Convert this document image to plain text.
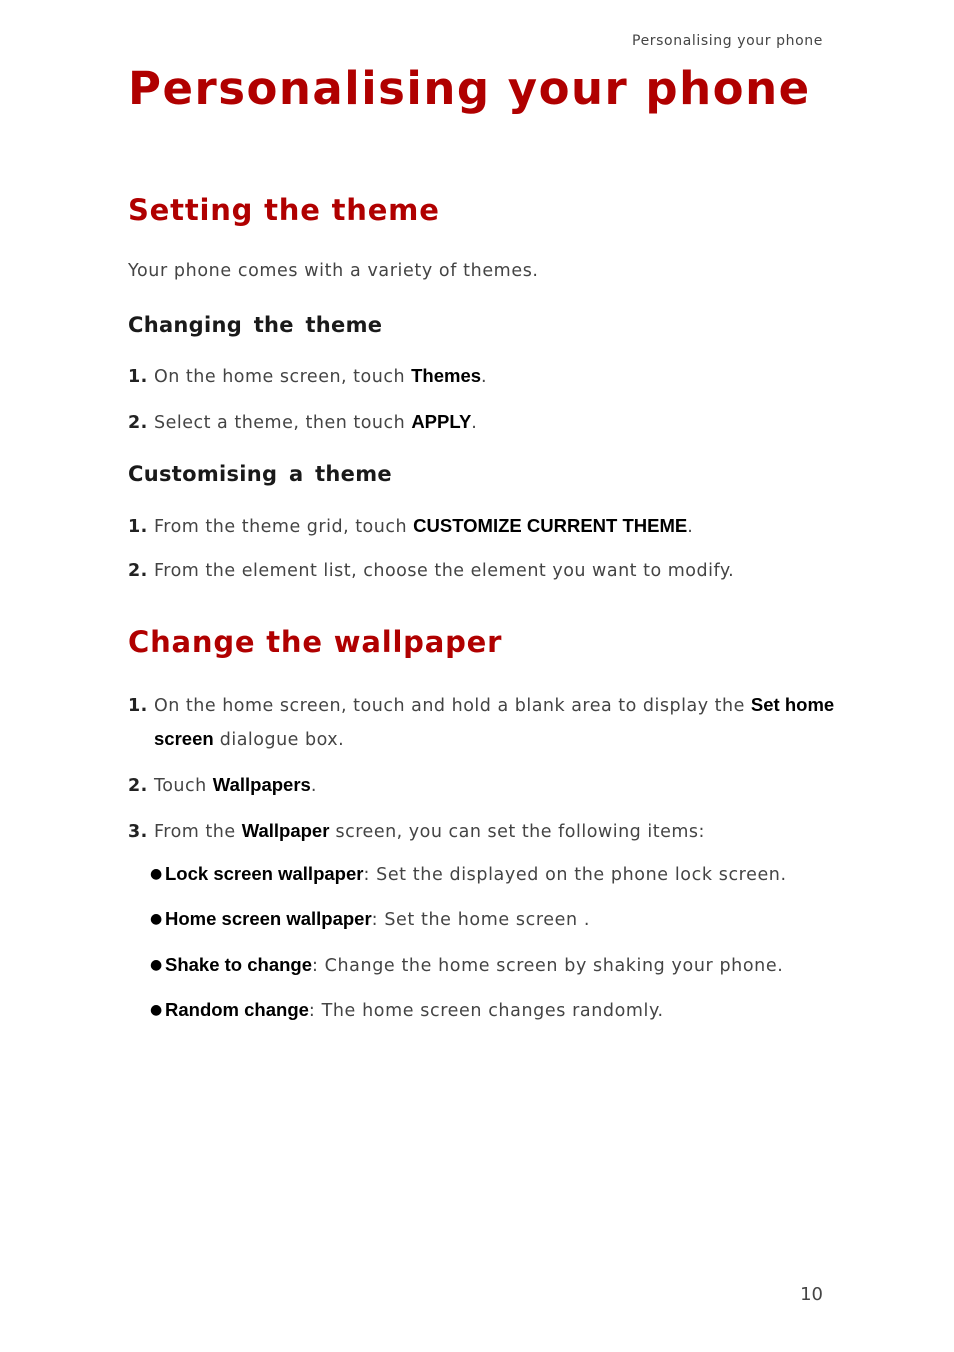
Personalising your phone
Personalising your phone
Setting the theme
Your phone comes with a variety of themes.
Changing the theme
1. On the home screen, touch Themes.
2. Select a theme, then touch APPLY.
Customising a theme
1. From the theme grid, touch CUSTOMIZE CURRENT THEME.
2. From the element list, choose the element you want to modify.
Change the wallpaper
1. On the home screen, touch and hold a blank area to display the Set home
screen dialogue box.
2. Touch Wallpapers.
3. From the Wallpaper screen, you can set the following items:
● Lock screen wallpaper: Set the displayed on the phone lock screen.
● Home screen wallpaper: Set the home screen .
● Shake to change: Change the home screen by shaking your phone.
● Random change: The home screen changes randomly.
10
